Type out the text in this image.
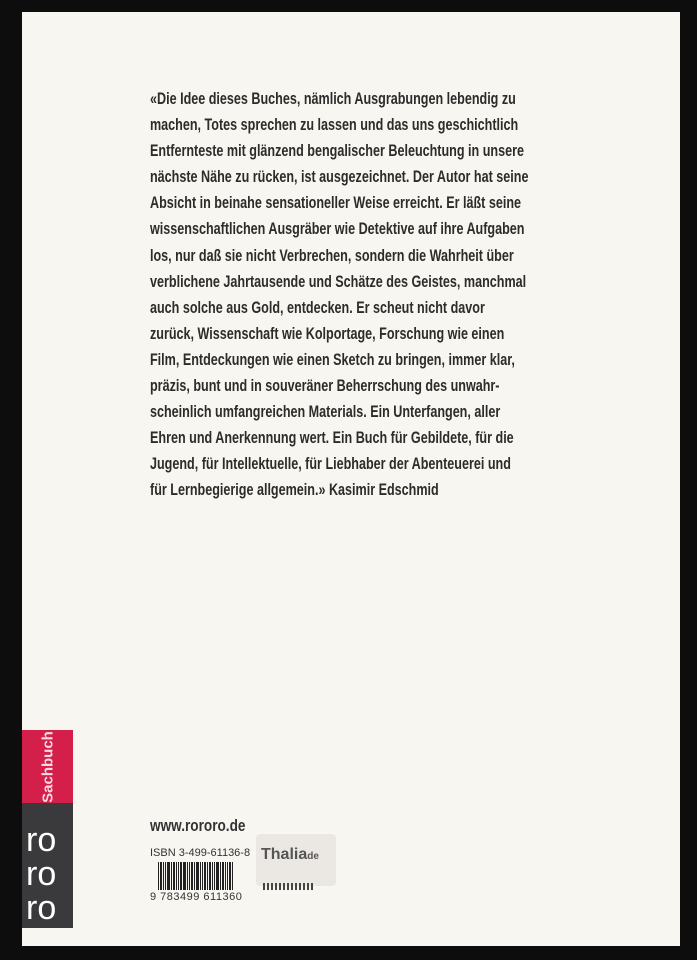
«Die Idee dieses Buches, nämlich Ausgrabungen lebendig zu
machen, Totes sprechen zu lassen und das uns geschichtlich
Entfernteste mit glänzend bengalischer Beleuchtung in unsere
nächste Nähe zu rücken, ist ausgezeichnet. Der Autor hat seine
Absicht in beinahe sensationeller Weise erreicht. Er läßt seine
wissenschaftlichen Ausgräber wie Detektive auf ihre Aufgaben
los, nur daß sie nicht Verbrechen, sondern die Wahrheit über
verblichene Jahrtausende und Schätze des Geistes, manchmal
auch solche aus Gold, entdecken. Er scheut nicht davor
zurück, Wissenschaft wie Kolportage, Forschung wie einen
Film, Entdeckungen wie einen Sketch zu bringen, immer klar,
präzis, bunt und in souveräner Beherrschung des unwahr-
scheinlich umfangreichen Materials. Ein Unterfangen, aller
Ehren und Anerkennung wert. Ein Buch für Gebildete, für die
Jugend, für Intellektuelle, für Liebhaber der Abenteuerei und
für Lernbegierige allgemein.» Kasimir Edschmid
Sachbuch
ro
ro
ro
www.rororo.de
ISBN 3-499-61136-8
9 783499 611360
Thaliade
